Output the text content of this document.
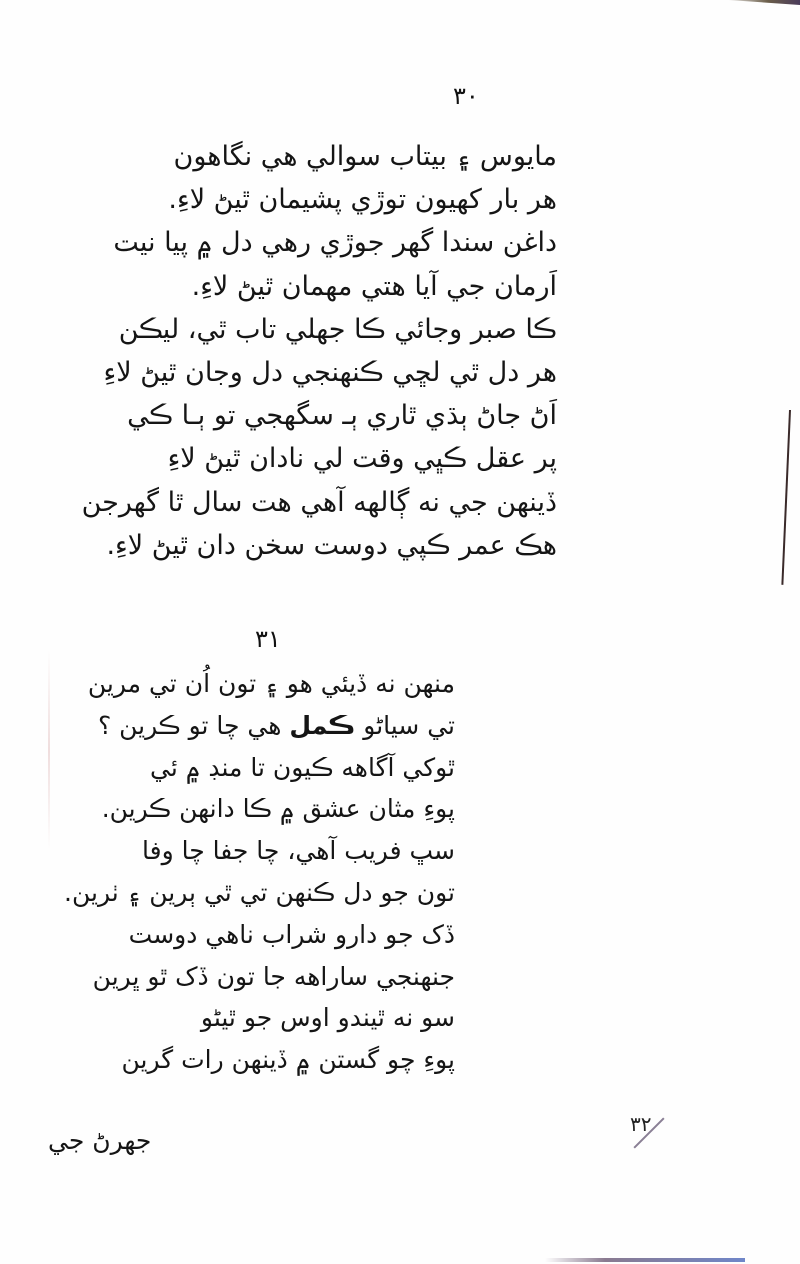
٣٠
مايوس ۽ بيتاب سوالي هي نگاهون
هر بار کهيون توڙي پشيمان ٿيڻ لاءِ.
داغن سندا گهر جوڙي رهي دل ۾ پيا نيت
اَرمان جي آيا هتي مهمان ٿيڻ لاءِ.
ڪا صبر وجائي ڪا جهلي تاب ٿي، ليڪن
هر دل ٿي لڇي ڪنهنجي دل وجان ٿيڻ لاءِ
اَڻ جاڻ ٻڌي ٿاري ٻـ سگهجي تو ٻـا ڪي
پر عقل ڪڀي وقت لي نادان ٿيڻ لاءِ
ڏينهن جي نه ڳالهه آهي هت سال ٿا گهرجن
هڪ عمر ڪپي دوست سخن دان ٿيڻ لاءِ.
٣١
منهن نه ڏيئي هو ۽ تون اُن تي مرين
تي سياڻو ڪمل هي چا تو ڪرين ؟
ٿوکي آگاهه ڪيون تا منڊ ۾ ئي
پوءِ مثان عشق ۾ ڪا دانهن ڪرين.
سڀ فريب آهي، چا جفا چا وفا
تون جو دل ڪنهن تي ٿي ٻرين ۽ ٺرين.
ڏک جو دارو شراب ناهي دوست
جنهنجي ساراهه جا تون ڏک ٿو ڀرين
سو نه ٿيندو اوس جو ٿيڻو
پوءِ چو گستن ۾ ڏينهن رات گرين
جهرڻ جي
٣٢
